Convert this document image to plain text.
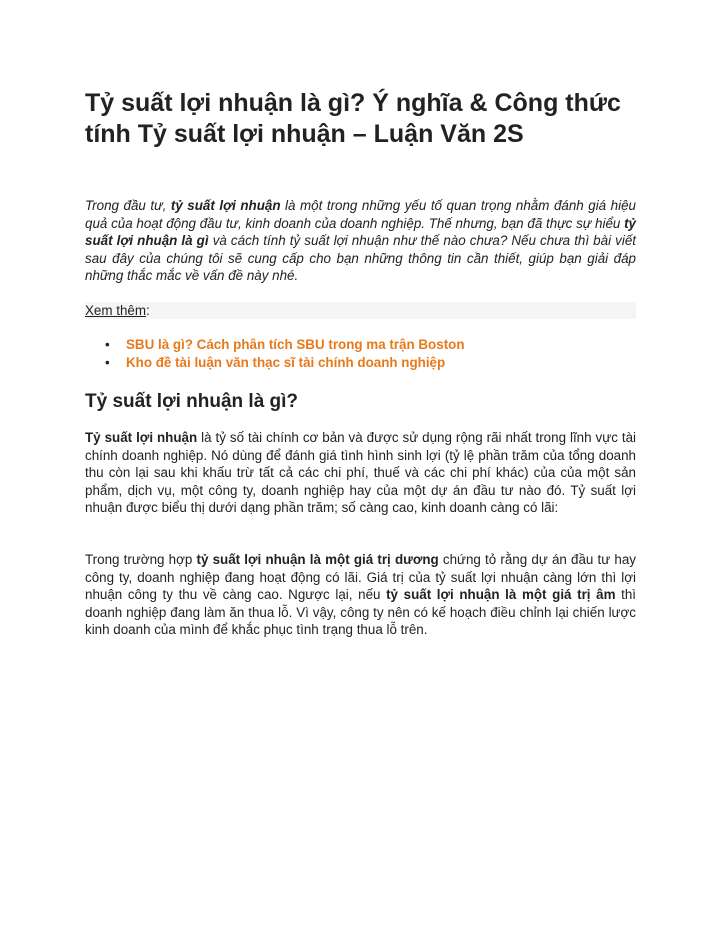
Tỷ suất lợi nhuận là gì? Ý nghĩa & Công thức tính Tỷ suất lợi nhuận – Luận Văn 2S

Trong đầu tư, tỷ suất lợi nhuận là một trong những yếu tố quan trọng nhằm đánh giá hiệu quả của hoạt động đầu tư, kinh doanh của doanh nghiệp. Thế nhưng, bạn đã thực sự hiểu tỷ suất lợi nhuận là gì và cách tính tỷ suất lợi nhuận như thế nào chưa? Nếu chưa thì bài viết sau đây của chúng tôi sẽ cung cấp cho bạn những thông tin cần thiết, giúp bạn giải đáp những thắc mắc về vấn đề này nhé.

Xem thêm:
• SBU là gì? Cách phân tích SBU trong ma trận Boston
• Kho đề tài luận văn thạc sĩ tài chính doanh nghiệp
Tỷ suất lợi nhuận là gì?

Tỷ suất lợi nhuận là tỷ số tài chính cơ bản và được sử dụng rộng rãi nhất trong lĩnh vực tài chính doanh nghiệp. Nó dùng để đánh giá tình hình sinh lợi (tỷ lệ phần trăm của tổng doanh thu còn lại sau khi khấu trừ tất cả các chi phí, thuế và các chi phí khác) của của một sản phẩm, dịch vụ, một công ty, doanh nghiệp hay của một dự án đầu tư nào đó. Tỷ suất lợi nhuận được biểu thị dưới dạng phần trăm; số càng cao, kinh doanh càng có lãi:

Trong trường hợp tỷ suất lợi nhuận là một giá trị dương chứng tỏ rằng dự án đầu tư hay công ty, doanh nghiệp đang hoạt động có lãi. Giá trị của tỷ suất lợi nhuận càng lớn thì lợi nhuận công ty thu về càng cao. Ngược lại, nếu tỷ suất lợi nhuận là một giá trị âm thì doanh nghiệp đang làm ăn thua lỗ. Vì vậy, công ty nên có kế hoạch điều chỉnh lại chiến lược kinh doanh của mình để khắc phục tình trạng thua lỗ trên.
